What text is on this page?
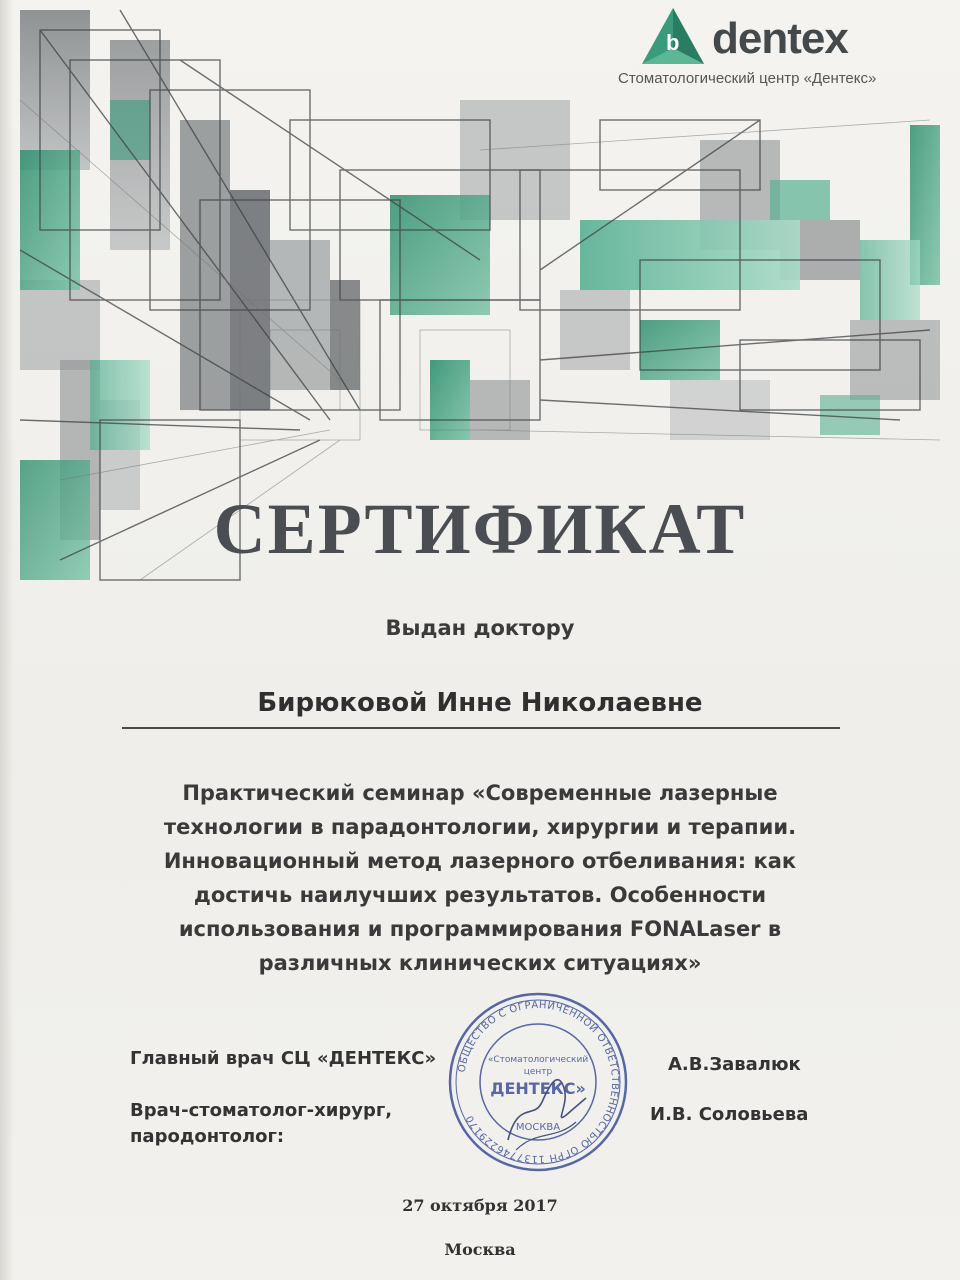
b dentex
Стоматологический центр «Дентекс»
СЕРТИФИКАТ
Выдан доктору
Бирюковой Инне Николаевне
Практический семинар «Современные лазерные
технологии в парадонтологии, хирургии и терапии.
Инновационный метод лазерного отбеливания: как
достичь наилучших результатов. Особенности
использования и программирования FONALaser в
различных клинических ситуациях»
Главный врач СЦ «ДЕНТЕКС»	А.В.Завалюк
Врач-стоматолог-хирург,
пародонтолог:
И.В. Соловьева
ОБЩЕСТВО С ОГРАНИЧЕННОЙ ОТВЕТСТВЕННОСТЬЮ ОГРН 1137746229170
«Стоматологический
центр
ДЕНТЕКС»
МОСКВА
27 октября 2017
Москва
